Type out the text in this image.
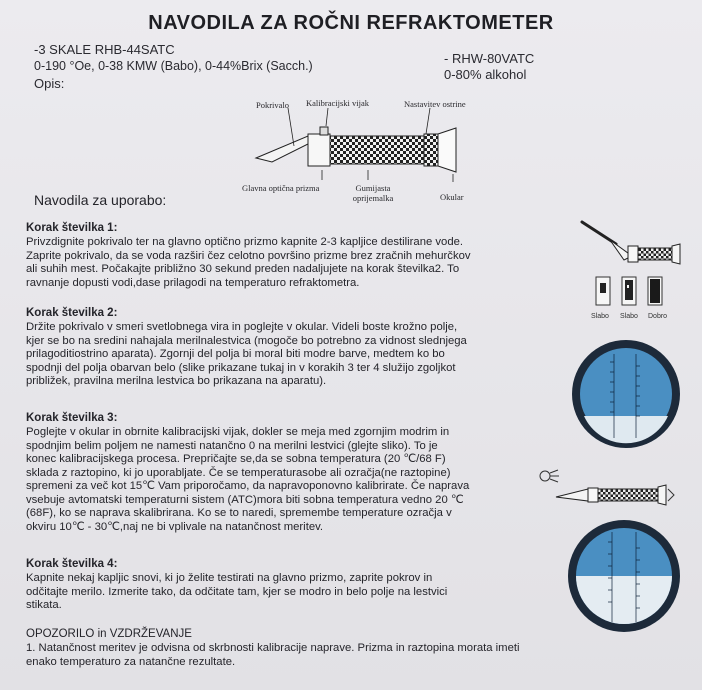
NAVODILA ZA ROČNI REFRAKTOMETER
-3 SKALE RHB-44SATC
0-190 °Oe, 0-38 KMW (Babo), 0-44%Brix (Sacch.)
Opis:
- RHW-80VATC
0-80% alkohol
Pokrivalo Kalibracijski vijak	Nastavitev ostrine
Glavna optična prizma	Gumijasta oprijemalka	Okular
Navodila za uporabo:
Korak številka 1:
Privzdignite pokrivalo ter na glavno optično prizmo kapnite 2-3 kapljice destilirane vode.
Zaprite pokrivalo, da se voda razširi čez celotno površino prizme brez zračnih mehurčkov
ali suhih mest. Počakajte približno 30 sekund preden nadaljujete na korak številka2. To
ravnanje dopusti vodi,dase prilagodi na temperaturo refraktometra.
Korak številka 2:
Držite pokrivalo v smeri svetlobnega vira in poglejte v okular. Videli boste krožno polje,
kjer se bo na sredini nahajala merilnalestvica (mogoče bo potrebno za vidnost slednjega
prilagoditiostrino aparata). Zgornji del polja bi moral biti modre barve, medtem ko bo
spodnji del polja obarvan belo (slike prikazane tukaj in v korakih 3 ter 4 služijo zgoljkot
približek, pravilna merilna lestvica bo prikazana na aparatu).
Korak številka 3:
Poglejte v okular in obrnite kalibracijski vijak, dokler se meja med zgornjim modrim in
spodnjim belim poljem ne namesti natančno 0 na merilni lestvici (glejte sliko). To je
konec kalibracijskega procesa. Prepričajte se,da se sobna temperatura (20 ℃/68 F)
sklada z raztopino, ki jo uporabljate. Če se temperaturasobe ali ozračja(ne raztopine)
spremeni za več kot 15℃ Vam priporočamo, da napravoponovno kalibrirate. Če naprava
vsebuje avtomatski temperaturni sistem (ATC)mora biti sobna temperatura vedno 20 ℃
(68F), ko se naprava skalibrirana. Ko se to naredi, spremembe temperature ozračja v
okviru 10℃ - 30℃,naj ne bi vplivale na natančnost meritev.
Korak številka 4:
Kapnite nekaj kapljic snovi, ki jo želite testirati na glavno prizmo, zaprite pokrov in
odčitajte merilo. Izmerite tako, da odčitate tam, kjer se modro in belo polje na lestvici
stikata.
OPOZORILO in VZDRŽEVANJE
1. Natančnost meritev je odvisna od skrbnosti kalibracije naprave. Prizma in raztopina morata imeti
enako temperaturo za natančne rezultate.
Slabo Slabo Dobro
